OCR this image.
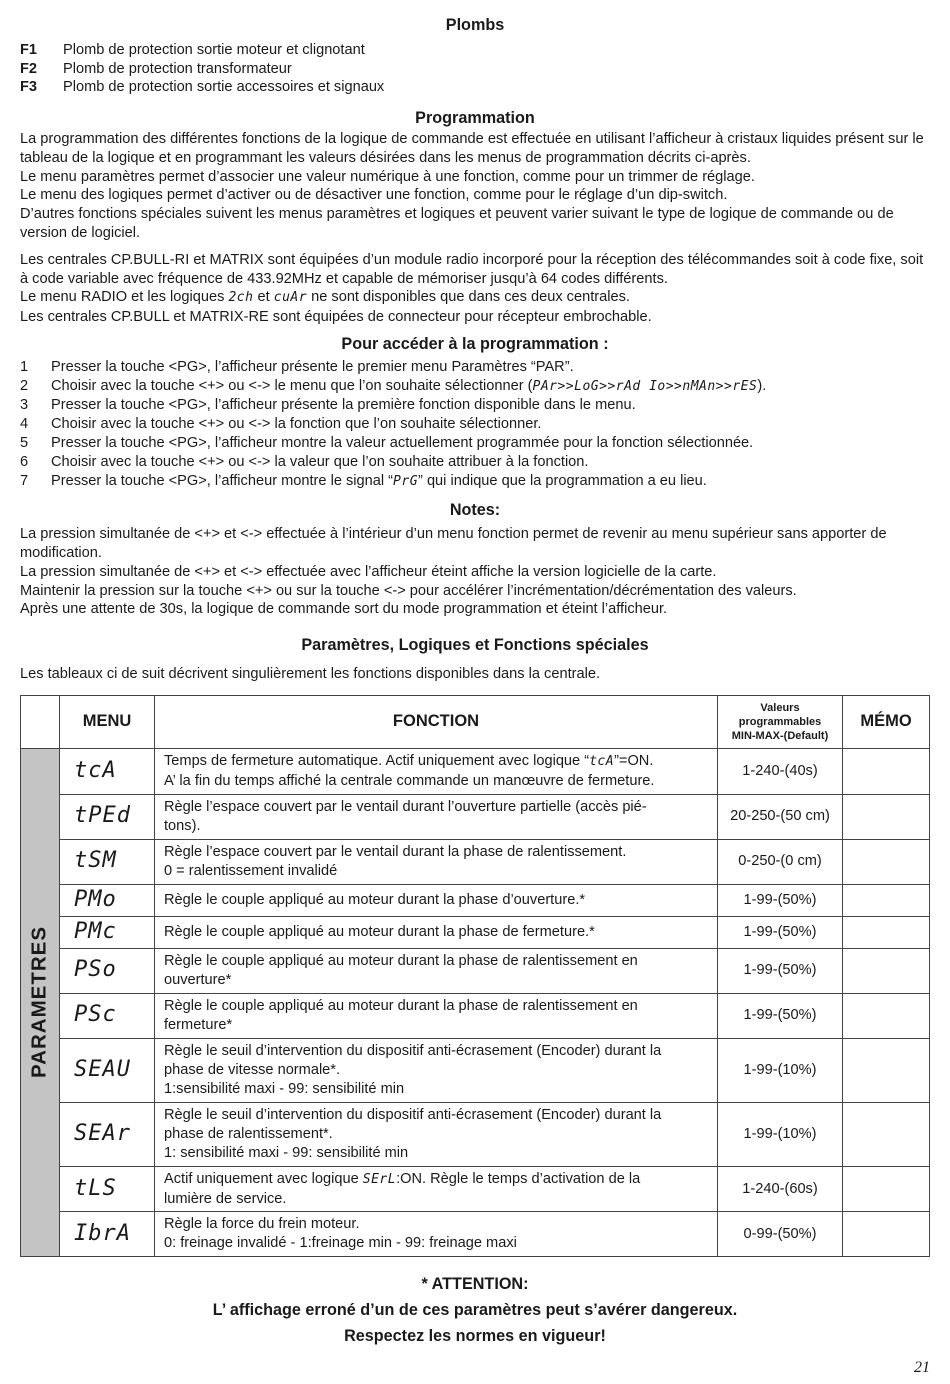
Plombs
F1	Plomb de protection sortie moteur et clignotant
F2	Plomb de protection transformateur
F3	Plomb de protection sortie accessoires et signaux
Programmation

La programmation des différentes fonctions de la logique de commande est effectuée en utilisant l’afficheur à cristaux liquides présent sur le tableau de la logique et en programmant les valeurs désirées dans les menus de programmation décrits ci-après.

Le menu paramètres permet d’associer une valeur numérique à une fonction, comme pour un trimmer de réglage.

Le menu des logiques permet d’activer ou de désactiver une fonction, comme pour le réglage d’un dip-switch.

D’autres fonctions spéciales suivent les menus paramètres et logiques et peuvent varier suivant le type de logique de commande ou de version de logiciel.

Les centrales CP.BULL-RI et MATRIX sont équipées d’un module radio incorporé pour la réception des télécommandes soit à code fixe, soit à code variable avec fréquence de 433.92MHz et capable de mémoriser jusqu’à 64 codes différents.

Le menu RADIO et les logiques 2ch et cuAr ne sont disponibles que dans ces deux centrales.

Les centrales CP.BULL et MATRIX-RE sont équipées de connecteur pour récepteur embrochable.

Pour accéder à la programmation :
1	Presser la touche <PG>, l’afficheur présente le premier menu Paramètres “PAR”.
2	Choisir avec la touche <+> ou <-> le menu que l’on souhaite sélectionner (PAr>>LoG>>rAd Io>>nMAn>>rES).
3	Presser la touche <PG>, l’afficheur présente la première fonction disponible dans le menu.
4	Choisir avec la touche <+> ou <-> la fonction que l’on souhaite sélectionner.
5	Presser la touche <PG>, l’afficheur montre la valeur actuellement programmée pour la fonction sélectionnée.
6	Choisir avec la touche <+> ou <-> la valeur que l’on souhaite attribuer à la fonction.
7	Presser la touche <PG>, l’afficheur montre le signal “PrG” qui indique que la programmation a eu lieu.
Notes:

La pression simultanée de <+> et <-> effectuée à l’intérieur d’un menu fonction permet de revenir au menu supérieur sans apporter de modification.

La pression simultanée de <+> et <-> effectuée avec l’afficheur éteint affiche la version logicielle de la carte.

Maintenir la pression sur la touche <+> ou sur la touche <-> pour accélérer l’incrémentation/décrémentation des valeurs.

Après une attente de 30s, la logique de commande sort du mode programmation et éteint l’afficheur.

Paramètres, Logiques et Fonctions spéciales

Les tableaux ci de suit décrivent singulièrement les fonctions disponibles dans la centrale.

	MENU	FONCTION	Valeurs
programmables
MIN-MAX-(Default)	MÉMO

PARAMETRES	tcA	Temps de fermeture automatique. Actif uniquement avec logique “tcA”=ON.
A’ la fin du temps affiché la centrale commande un manœuvre de fermeture.	1-240-(40s)	
	tPEd	Règle l’espace couvert par le ventail durant l’ouverture partielle (accès pié-
tons).	20-250-(50 cm)	
	tSM	Règle l’espace couvert par le ventail durant la phase de ralentissement.
0 = ralentissement invalidé	0-250-(0 cm)	
	PMo	Règle le couple appliqué au moteur durant la phase d’ouverture.*	1-99-(50%)	
	PMc	Règle le couple appliqué au moteur durant la phase de fermeture.*	1-99-(50%)	
	PSo	Règle le couple appliqué au moteur durant la phase de ralentissement en
ouverture*	1-99-(50%)	
	PSc	Règle le couple appliqué au moteur durant la phase de ralentissement en
fermeture*	1-99-(50%)	
	SEAU	Règle le seuil d’intervention du dispositif anti-écrasement (Encoder) durant la
phase de vitesse normale*.
1:sensibilité maxi - 99: sensibilité min	1-99-(10%)	
	SEAr	Règle le seuil d’intervention du dispositif anti-écrasement (Encoder) durant la
phase de ralentissement*.
1: sensibilité maxi - 99: sensibilité min	1-99-(10%)	
	tLS	Actif uniquement avec logique SErL:ON. Règle le temps d’activation de la
lumière de service.	1-240-(60s)	
	IbrA	Règle la force du frein moteur.
0: freinage invalidé - 1:freinage min - 99: freinage maxi	0-99-(50%)	
* ATTENTION:
L’ affichage erroné d’un de ces paramètres peut s’avérer dangereux.
Respectez les normes en vigueur!
21
